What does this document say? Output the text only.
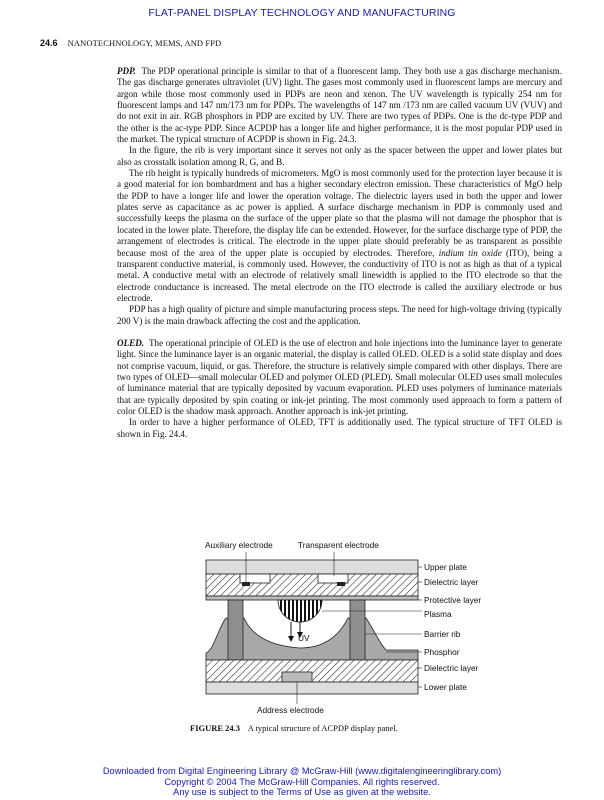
FLAT-PANEL DISPLAY TECHNOLOGY AND MANUFACTURING
24.6 NANOTECHNOLOGY, MEMS, AND FPD

PDP. The PDP operational principle is similar to that of a fluorescent lamp. They both use a gas discharge mechanism. The gas discharge generates ultraviolet (UV) light. The gases most commonly used in fluorescent lamps are mercury and argon while those most commonly used in PDPs are neon and xenon. The UV wavelength is typically 254 nm for fluorescent lamps and 147 nm/173 nm for PDPs. The wavelengths of 147 nm /173 nm are called vacuum UV (VUV) and do not exit in air. RGB phosphors in PDP are excited by UV. There are two types of PDPs. One is the dc-type PDP and the other is the ac-type PDP. Since ACPDP has a longer life and higher performance, it is the most popular PDP used in the market. The typical structure of ACPDP is shown in Fig. 24.3.

In the figure, the rib is very important since it serves not only as the spacer between the upper and lower plates but also as crosstalk isolation among R, G, and B.

The rib height is typically hundreds of micrometers. MgO is most commonly used for the protection layer because it is a good material for ion bombardment and has a higher secondary electron emission. These characteristics of MgO help the PDP to have a longer life and lower the operation voltage. The dielectric layers used in both the upper and lower plates serve as capacitance as ac power is applied. A surface discharge mechanism in PDP is commonly used and successfully keeps the plasma on the surface of the upper plate so that the plasma will not damage the phosphor that is located in the lower plate. Therefore, the display life can be extended. However, for the surface discharge type of PDP, the arrangement of electrodes is critical. The electrode in the upper plate should preferably be as transparent as possible because most of the area of the upper plate is occupied by electrodes. Therefore, indium tin oxide (ITO), being a transparent conductive material, is commonly used. However, the conductivity of ITO is not as high as that of a typical metal. A conductive metal with an electrode of relatively small linewidth is applied to the ITO electrode so that the electrode conductance is increased. The metal electrode on the ITO electrode is called the auxiliary electrode or bus electrode.

PDP has a high quality of picture and simple manufacturing process steps. The need for high-voltage driving (typically 200 V) is the main drawback affecting the cost and the application.

OLED. The operational principle of OLED is the use of electron and hole injections into the luminance layer to generate light. Since the luminance layer is an organic material, the display is called OLED. OLED is a solid state display and does not comprise vacuum, liquid, or gas. Therefore, the structure is relatively simple compared with other displays. There are two types of OLED—small molecular OLED and polymer OLED (PLED). Small molecular OLED uses small molecules of luminance material that are typically deposited by vacuum evaporation. PLED uses polymers of luminance materials that are typically deposited by spin coating or ink-jet printing. The most commonly used approach to form a pattern of color OLED is the shadow mask approach. Another approach is ink-jet printing.

In order to have a higher performance of OLED, TFT is additionally used. The typical structure of TFT OLED is shown in Fig. 24.4.

Auxiliary electrode	Transparent electrode
Upper plate
Dielectric layer
Protective layer
Plasma
Barrier rib
Phosphor
Dielectric layer
Lower plate
Address electrode
UV
FIGURE 24.3 A typical structure of ACPDP display panel.
Downloaded from Digital Engineering Library @ McGraw-Hill (www.digitalengineeringlibrary.com)
Copyright © 2004 The McGraw-Hill Companies. All rights reserved.
Any use is subject to the Terms of Use as given at the website.
